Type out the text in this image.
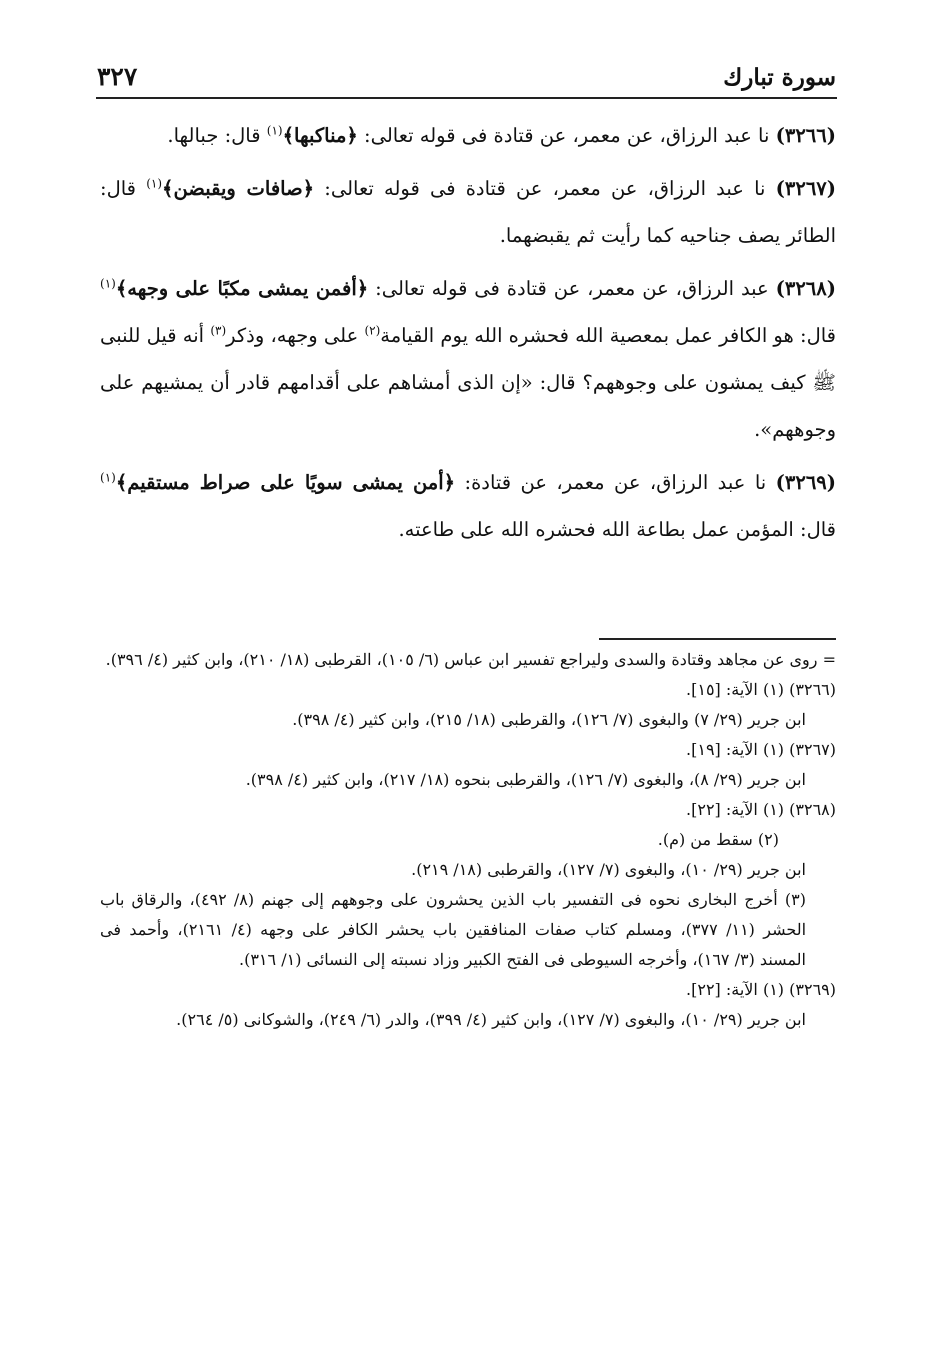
سورة تبارك
٣٢٧

(٣٢٦٦) نا عبد الرزاق، عن معمر، عن قتادة فى قوله تعالى: ﴿مناكبها﴾$^{(١)}$ قال: جبالها.

(٣٢٦٧) نا عبد الرزاق، عن معمر، عن قتادة فى قوله تعالى: ﴿صافات ويقبضن﴾$^{(١)}$ قال: الطائر يصف جناحيه كما رأيت ثم يقبضهما.

(٣٢٦٨) عبد الرزاق، عن معمر، عن قتادة فى قوله تعالى: ﴿أفمن يمشى مكبًا على وجهه﴾$^{(١)}$ قال: هو الكافر عمل بمعصية الله فحشره الله يوم القيامة$^{(٢)}$ على وجهه، وذكر$^{(٣)}$ أنه قيل للنبى ﷺ كيف يمشون على وجوههم؟ قال: «إن الذى أمشاهم على أقدامهم قادر أن يمشيهم على وجوههم».

(٣٢٦٩) نا عبد الرزاق، عن معمر، عن قتادة: ﴿أمن يمشى سويًا على صراط مستقيم﴾$^{(١)}$ قال: المؤمن عمل بطاعة الله فحشره الله على طاعته.

= روى عن مجاهد وقتادة والسدى وليراجع تفسير ابن عباس (٦/ ١٠٥)، القرطبى (١٨/ ٢١٠)، وابن كثير (٤/ ٣٩٦).

(٣٢٦٦) (١) الآية: [١٥].

ابن جرير (٢٩/ ٧) والبغوى (٧/ ١٢٦)، والقرطبى (١٨/ ٢١٥)، وابن كثير (٤/ ٣٩٨).

(٣٢٦٧) (١) الآية: [١٩].

ابن جرير (٢٩/ ٨)، والبغوى (٧/ ١٢٦)، والقرطبى بنحوه (١٨/ ٢١٧)، وابن كثير (٤/ ٣٩٨).

(٣٢٦٨) (١) الآية: [٢٢].

(٢) سقط من (م).

ابن جرير (٢٩/ ١٠)، والبغوى (٧/ ١٢٧)، والقرطبى (١٨/ ٢١٩).

(٣) أخرج البخارى نحوه فى التفسير باب الذين يحشرون على وجوههم إلى جهنم (٨/ ٤٩٢)، والرقاق باب الحشر (١١/ ٣٧٧)، ومسلم كتاب صفات المنافقين باب يحشر الكافر على وجهه (٤/ ٢١٦١)، وأحمد فى المسند (٣/ ١٦٧)، وأخرجه السيوطى فى الفتح الكبير وزاد نسبته إلى النسائى (١/ ٣١٦).

(٣٢٦٩) (١) الآية: [٢٢].

ابن جرير (٢٩/ ١٠)، والبغوى (٧/ ١٢٧)، وابن كثير (٤/ ٣٩٩)، والدر (٦/ ٢٤٩)، والشوكانى (٥/ ٢٦٤).
